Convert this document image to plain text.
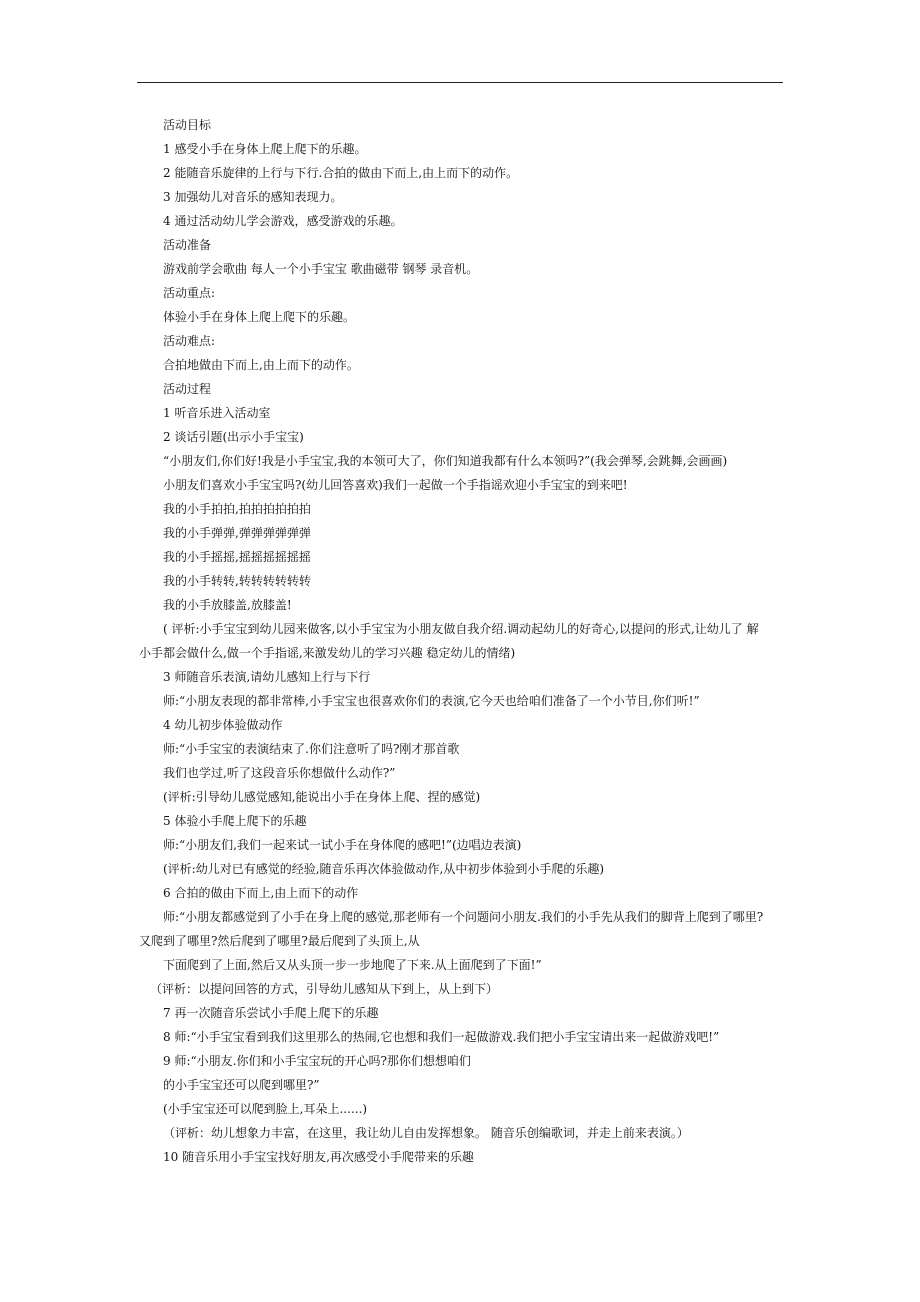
活动目标
1 感受小手在身体上爬上爬下的乐趣。
2 能随音乐旋律的上行与下行.合拍的做由下而上,由上而下的动作。
3 加强幼儿对音乐的感知表现力。
4 通过活动幼儿学会游戏，感受游戏的乐趣。
活动准备
游戏前学会歌曲 每人一个小手宝宝 歌曲磁带 钢琴 录音机。
活动重点:
体验小手在身体上爬上爬下的乐趣。
活动难点:
合拍地做由下而上,由上而下的动作。
活动过程
1 听音乐进入活动室
2 谈话引题(出示小手宝宝)
“小朋友们,你们好!我是小手宝宝,我的本领可大了，你们知道我都有什么本领吗?”(我会弹琴,会跳舞,会画画)
小朋友们喜欢小手宝宝吗?(幼儿回答喜欢)我们一起做一个手指谣欢迎小手宝宝的到来吧!
我的小手拍拍,拍拍拍拍拍拍
我的小手弹弹,弹弹弹弹弹弹
我的小手摇摇,摇摇摇摇摇摇
我的小手转转,转转转转转转
我的小手放膝盖,放膝盖!
( 评析:小手宝宝到幼儿园来做客,以小手宝宝为小朋友做自我介绍.调动起幼儿的好奇心,以提问的形式,让幼儿了 解
小手都会做什么,做一个手指谣,来激发幼儿的学习兴趣 稳定幼儿的情绪)
3 师随音乐表演,请幼儿感知上行与下行
师:“小朋友表现的都非常棒,小手宝宝也很喜欢你们的表演,它今天也给咱们准备了一个小节目,你们听!”
4 幼儿初步体验做动作
师:“小手宝宝的表演结束了.你们注意听了吗?刚才那首歌
我们也学过,听了这段音乐你想做什么动作?”
(评析:引导幼儿感觉感知,能说出小手在身体上爬、捏的感觉)
5 体验小手爬上爬下的乐趣
师:“小朋友们,我们一起来试一试小手在身体爬的感吧!”(边唱边表演)
(评析:幼儿对已有感觉的经验,随音乐再次体验做动作,从中初步体验到小手爬的乐趣)
6 合拍的做由下而上,由上而下的动作
师:“小朋友都感觉到了小手在身上爬的感觉,那老师有一个问题问小朋友.我们的小手先从我们的脚背上爬到了哪里?
又爬到了哪里?然后爬到了哪里?最后爬到了头顶上,从
下面爬到了上面,然后又从头顶一步一步地爬了下来.从上面爬到了下面!”
（评析：以提问回答的方式，引导幼儿感知从下到上，从上到下）
7 再一次随音乐尝试小手爬上爬下的乐趣
8 师:“小手宝宝看到我们这里那么的热闹,它也想和我们一起做游戏.我们把小手宝宝请出来一起做游戏吧!”
9 师:“小朋友.你们和小手宝宝玩的开心吗?那你们想想咱们
的小手宝宝还可以爬到哪里?”
(小手宝宝还可以爬到脸上,耳朵上......)
（评析：幼儿想象力丰富，在这里，我让幼儿自由发挥想象。 随音乐创编歌词，并走上前来表演。）
10 随音乐用小手宝宝找好朋友,再次感受小手爬带来的乐趣
